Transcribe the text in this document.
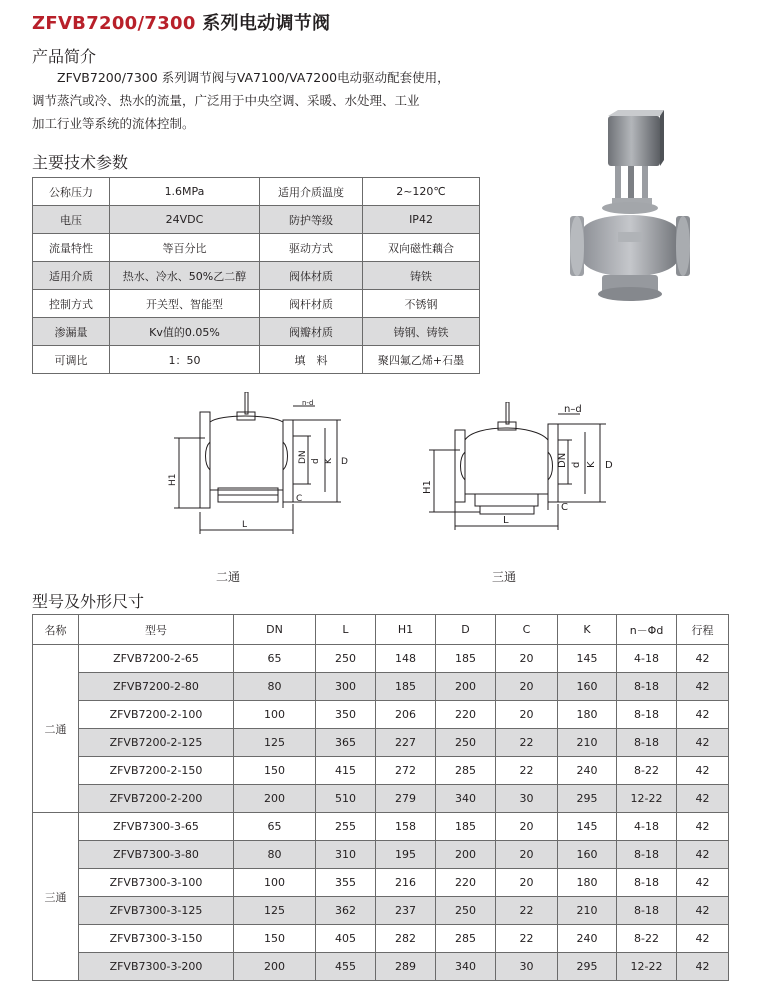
ZFVB7200/7300 系列电动调节阀
产品简介

ZFVB7200/7300 系列调节阀与VA7100/VA7200电动驱动配套使用，

调节蒸汽或冷、热水的流量，广泛用于中央空调、采暖、水处理、工业

加工行业等系统的流体控制。

主要技术参数
公称压力	1.6MPa	适用介质温度	2~120℃
电压	24VDC	防护等级	IP42
流量特性	等百分比	驱动方式	双向磁性藕合
适用介质	热水、冷水、50%乙二醇	阀体材质	铸铁
控制方式	开关型、智能型	阀杆材质	不锈钢
渗漏量	Kv值的0.05%	阀瓣材质	铸钢、铸铁
可调比	1：50	填　料	聚四氟乙烯+石墨
n-d
DN d K D
H1
C
L
二通
n–d
DN d K D
H1
C
L
三通
型号及外形尺寸
名称	型号	DN	L	H1	D	C	K	n－Φd	行程
二通	ZFVB7200-2-65	65	250	148	185	20	145	4-18	42
	ZFVB7200-2-80	80	300	185	200	20	160	8-18	42
	ZFVB7200-2-100	100	350	206	220	20	180	8-18	42
	ZFVB7200-2-125	125	365	227	250	22	210	8-18	42
	ZFVB7200-2-150	150	415	272	285	22	240	8-22	42
	ZFVB7200-2-200	200	510	279	340	30	295	12-22	42
三通	ZFVB7300-3-65	65	255	158	185	20	145	4-18	42
	ZFVB7300-3-80	80	310	195	200	20	160	8-18	42
	ZFVB7300-3-100	100	355	216	220	20	180	8-18	42
	ZFVB7300-3-125	125	362	237	250	22	210	8-18	42
	ZFVB7300-3-150	150	405	282	285	22	240	8-22	42
	ZFVB7300-3-200	200	455	289	340	30	295	12-22	42
